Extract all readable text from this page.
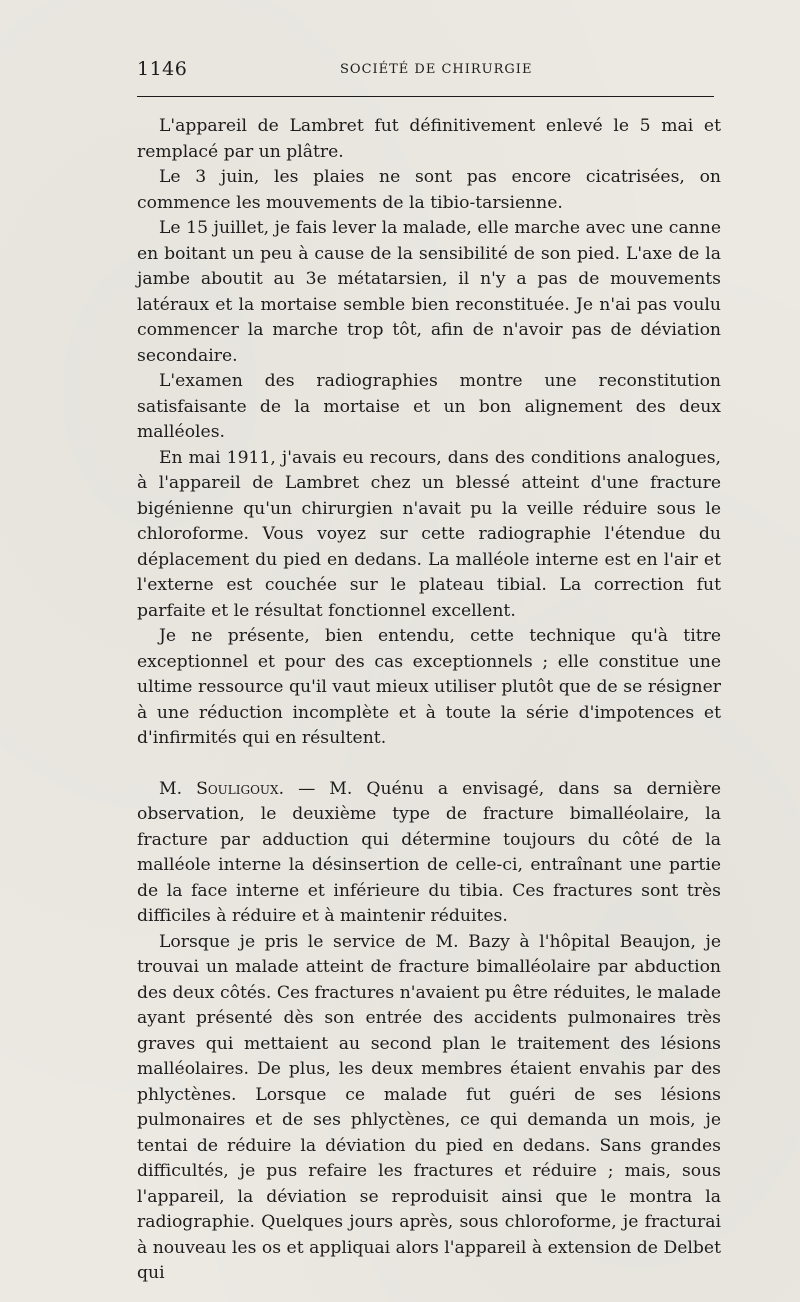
1146	SOCIÉTÉ DE CHIRURGIE

L'appareil de Lambret fut définitivement enlevé le 5 mai et remplacé par un plâtre.

Le 3 juin, les plaies ne sont pas encore cicatrisées, on commence les mouvements de la tibio-tarsienne.

Le 15 juillet, je fais lever la malade, elle marche avec une canne en boitant un peu à cause de la sensibilité de son pied. L'axe de la jambe aboutit au 3e métatarsien, il n'y a pas de mouvements latéraux et la mortaise semble bien reconstituée. Je n'ai pas voulu commencer la marche trop tôt, afin de n'avoir pas de déviation secondaire.

L'examen des radiographies montre une reconstitution satisfaisante de la mortaise et un bon alignement des deux malléoles.

En mai 1911, j'avais eu recours, dans des conditions analogues, à l'appareil de Lambret chez un blessé atteint d'une fracture bigénienne qu'un chirurgien n'avait pu la veille réduire sous le chloroforme. Vous voyez sur cette radiographie l'étendue du déplacement du pied en dedans. La malléole interne est en l'air et l'externe est couchée sur le plateau tibial. La correction fut parfaite et le résultat fonctionnel excellent.

Je ne présente, bien entendu, cette technique qu'à titre exceptionnel et pour des cas exceptionnels ; elle constitue une ultime ressource qu'il vaut mieux utiliser plutôt que de se résigner à une réduction incomplète et à toute la série d'impotences et d'infirmités qui en résultent.

M. Souligoux. — M. Quénu a envisagé, dans sa dernière observation, le deuxième type de fracture bimalléolaire, la fracture par adduction qui détermine toujours du côté de la malléole interne la désinsertion de celle-ci, entraînant une partie de la face interne et inférieure du tibia. Ces fractures sont très difficiles à réduire et à maintenir réduites.

Lorsque je pris le service de M. Bazy à l'hôpital Beaujon, je trouvai un malade atteint de fracture bimalléolaire par abduction des deux côtés. Ces fractures n'avaient pu être réduites, le malade ayant présenté dès son entrée des accidents pulmonaires très graves qui mettaient au second plan le traitement des lésions malléolaires. De plus, les deux membres étaient envahis par des phlyctènes. Lorsque ce malade fut guéri de ses lésions pulmonaires et de ses phlyctènes, ce qui demanda un mois, je tentai de réduire la déviation du pied en dedans. Sans grandes difficultés, je pus refaire les fractures et réduire ; mais, sous l'appareil, la déviation se reproduisit ainsi que le montra la radiographie. Quelques jours après, sous chloroforme, je fracturai à nouveau les os et appliquai alors l'appareil à extension de Delbet qui
